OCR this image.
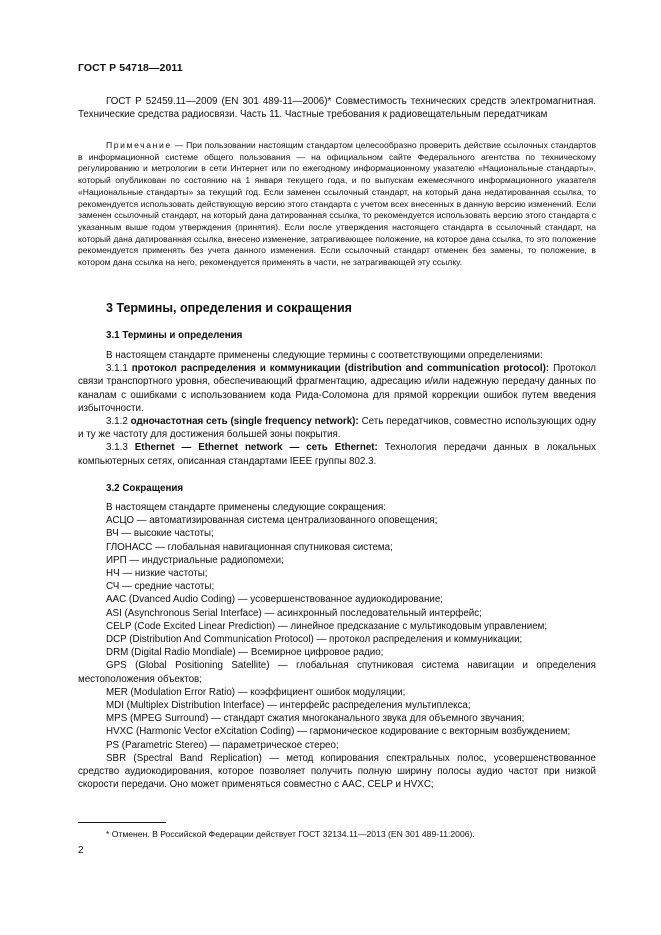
ГОСТ Р 54718—2011

ГОСТ Р 52459.11—2009 (EN 301 489-11—2006)* Совместимость технических средств электромагнитная. Технические средства радиосвязи. Часть 11. Частные требования к радиовещательным передатчикам

Примечание — При пользовании настоящим стандартом целесообразно проверить действие ссылочных стандартов в информационной системе общего пользования — на официальном сайте Федерального агентства по техническому регулированию и метрологии в сети Интернет или по ежегодному информационному указателю «Национальные стандарты», который опубликован по состоянию на 1 января текущего года, и по выпускам ежемесячного информационного указателя «Национальные стандарты» за текущий год. Если заменен ссылочный стандарт, на который дана недатированная ссылка, то рекомендуется использовать действующую версию этого стандарта с учетом всех внесенных в данную версию изменений. Если заменен ссылочный стандарт, на который дана датированная ссылка, то рекомендуется использовать версию этого стандарта с указанным выше годом утверждения (принятия). Если после утверждения настоящего стандарта в ссылочный стандарт, на который дана датированная ссылка, внесено изменение, затрагивающее положение, на которое дана ссылка, то это положение рекомендуется применять без учета данного изменения. Если ссылочный стандарт отменен без замены, то положение, в котором дана ссылка на него, рекомендуется применять в части, не затрагивающей эту ссылку.

3 Термины, определения и сокращения
3.1 Термины и определения

В настоящем стандарте применены следующие термины с соответствующими определениями:

3.1.1 протокол распределения и коммуникации (distribution and communication protocol): Протокол связи транспортного уровня, обеспечивающий фрагментацию, адресацию и/или надежную передачу данных по каналам с ошибками с использованием кода Рида-Соломона для прямой коррекции ошибок путем введения избыточности.

3.1.2 одночастотная сеть (single frequency network): Сеть передатчиков, совместно использующих одну и ту же частоту для достижения большей зоны покрытия.

3.1.3 Ethernet — Ethernet network — сеть Ethernet: Технология передачи данных в локальных компьютерных сетях, описанная стандартами IEEE группы 802.3.

3.2 Сокращения

В настоящем стандарте применены следующие сокращения:

АСЦО — автоматизированная система централизованного оповещения;

ВЧ — высокие частоты;

ГЛОНАСС — глобальная навигационная спутниковая система;

ИРП — индустриальные радиопомехи;

НЧ — низкие частоты;

СЧ — средние частоты;

AAC (Dvanced Audio Coding) — усовершенствованное аудиокодирование;

ASI (Asynchronous Serial Interface) — асинхронный последовательный интерфейс;

CELP (Code Excited Linear Prediction) — линейное предсказание с мультикодовым управлением;

DCP (Distribution And Communication Protocol) — протокол распределения и коммуникации;

DRM (Digital Radio Mondiale) — Всемирное цифровое радио;

GPS (Global Positioning Satellite) — глобальная спутниковая система навигации и определения местоположения объектов;

MER (Modulation Error Ratio) — коэффициент ошибок модуляции;

MDI (Multiplex Distribution Interface) — интерфейс распределения мультиплекса;

MPS (MPEG Surround) — стандарт сжатия многоканального звука для объемного звучания;

HVXC (Harmonic Vector eXcitation Coding) — гармоническое кодирование с векторным возбуждением;

PS (Parametric Stereo) — параметрическое стерео;

SBR (Spectral Band Replication) — метод копирования спектральных полос, усовершенствованное средство аудиокодирования, которое позволяет получить полную ширину полосы аудио частот при низкой скорости передачи. Оно может применяться совместно с AAC, CELP и HVXC;

* Отменен. В Российской Федерации действует ГОСТ 32134.11—2013 (EN 301 489-11:2006).
2
